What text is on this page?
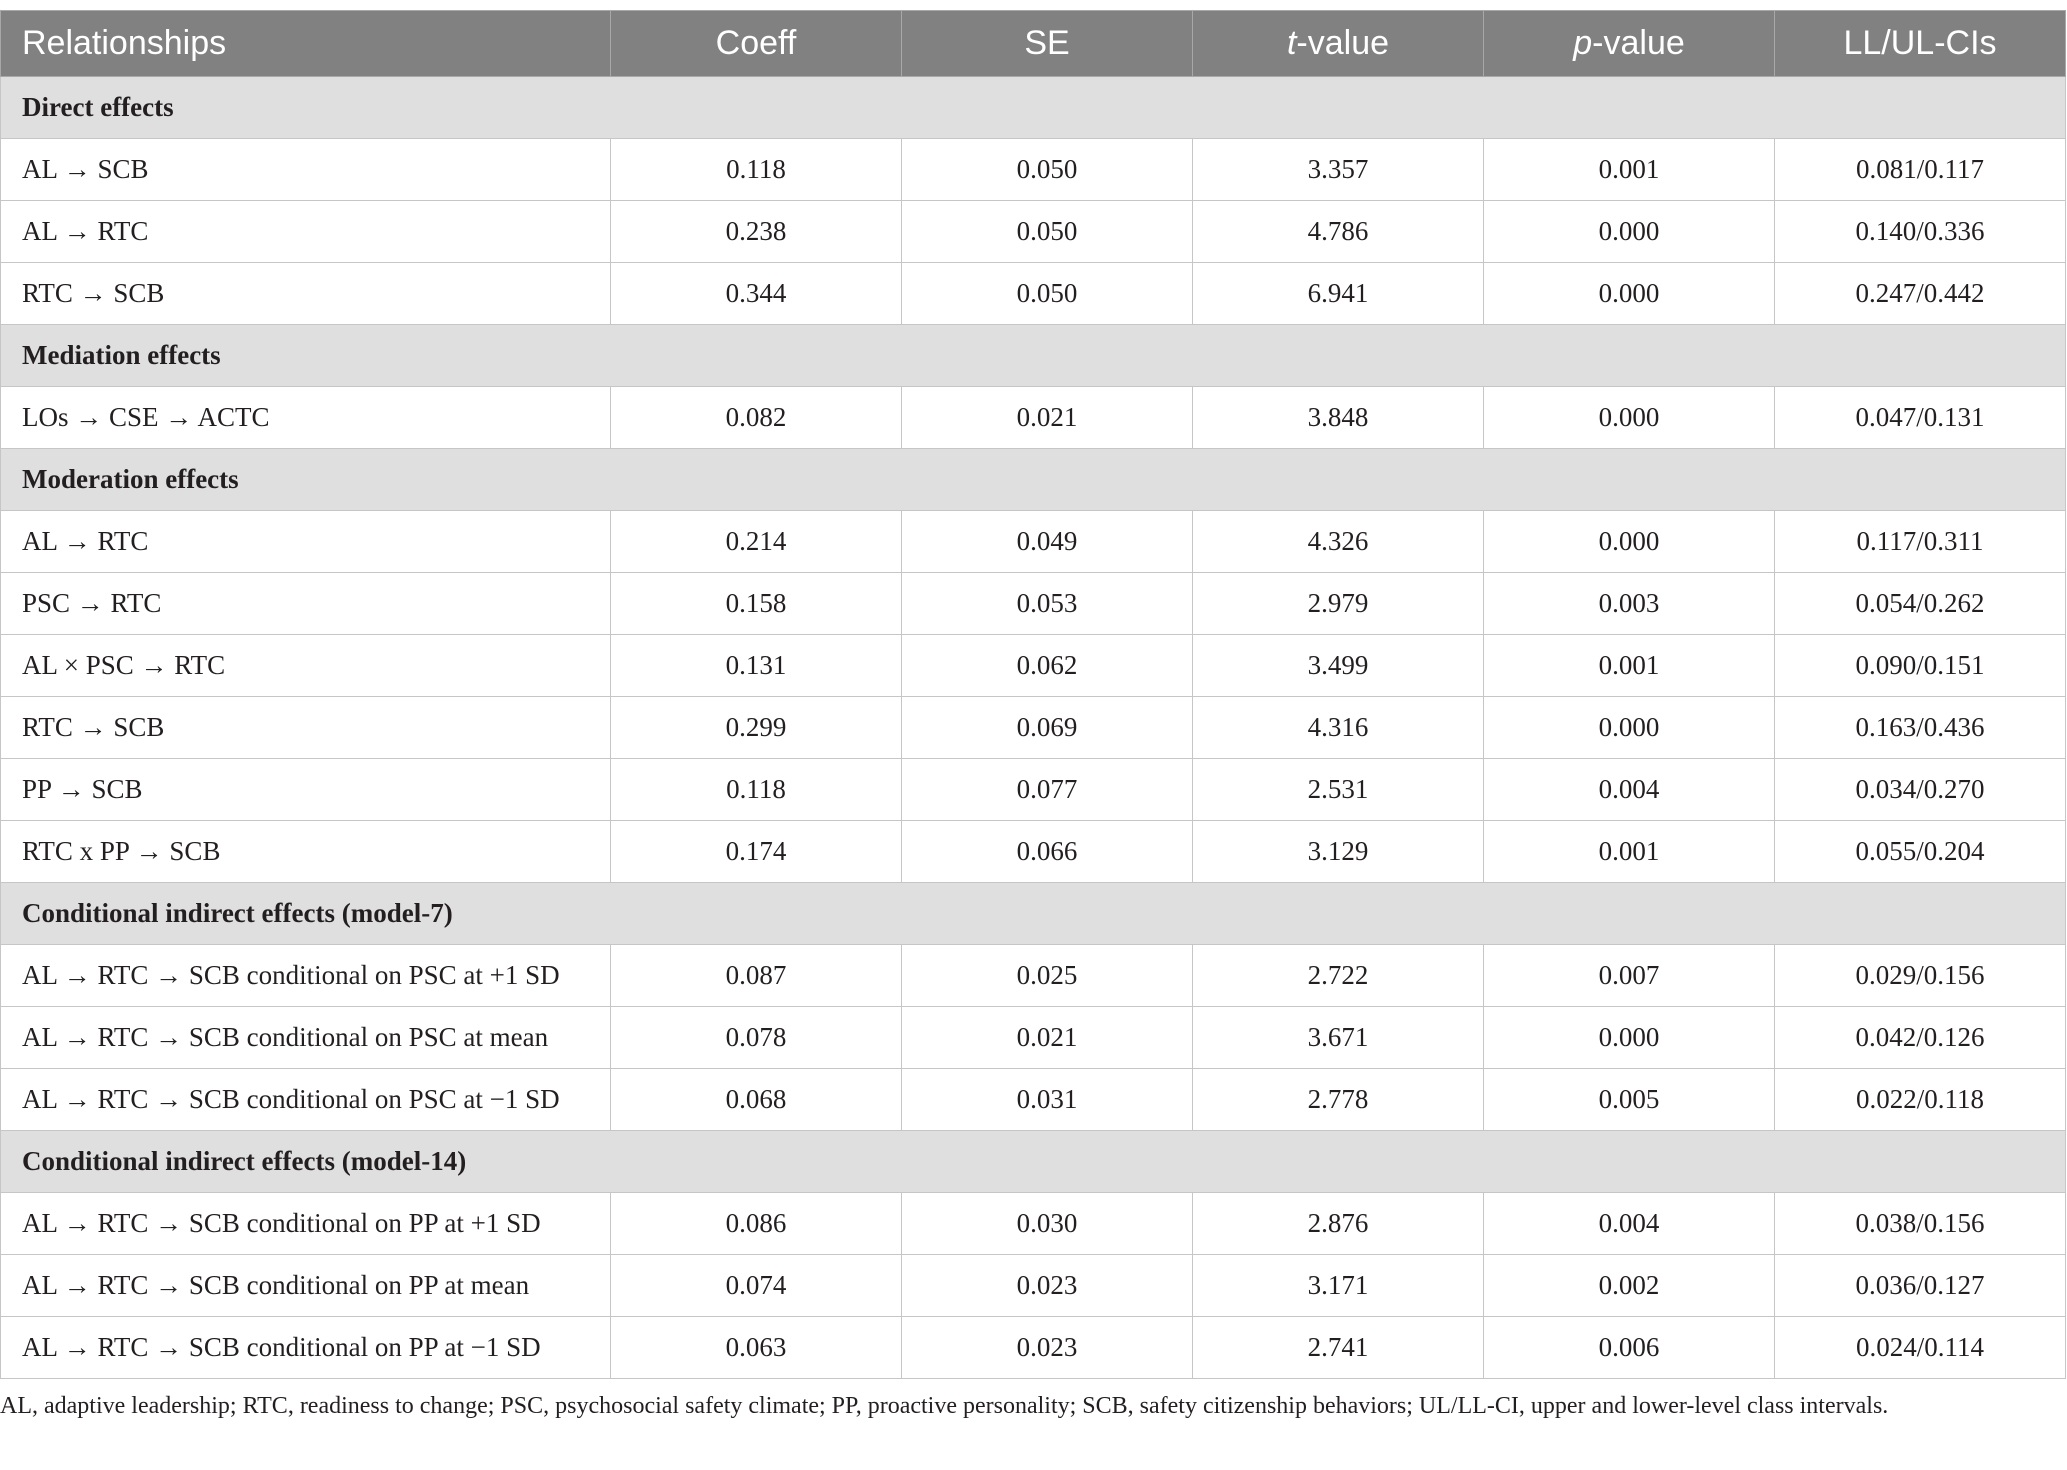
Relationships	Coeff	SE	t-value	p-value	LL/UL-CIs
Direct effects					
AL → SCB	0.118	0.050	3.357	0.001	0.081/0.117
AL → RTC	0.238	0.050	4.786	0.000	0.140/0.336
RTC → SCB	0.344	0.050	6.941	0.000	0.247/0.442
Mediation effects					
LOs → CSE → ACTC	0.082	0.021	3.848	0.000	0.047/0.131
Moderation effects					
AL → RTC	0.214	0.049	4.326	0.000	0.117/0.311
PSC → RTC	0.158	0.053	2.979	0.003	0.054/0.262
AL × PSC → RTC	0.131	0.062	3.499	0.001	0.090/0.151
RTC → SCB	0.299	0.069	4.316	0.000	0.163/0.436
PP → SCB	0.118	0.077	2.531	0.004	0.034/0.270
RTC x PP → SCB	0.174	0.066	3.129	0.001	0.055/0.204
Conditional indirect effects (model-7)					
AL → RTC → SCB conditional on PSC at +1 SD	0.087	0.025	2.722	0.007	0.029/0.156
AL → RTC → SCB conditional on PSC at mean	0.078	0.021	3.671	0.000	0.042/0.126
AL → RTC → SCB conditional on PSC at −1 SD	0.068	0.031	2.778	0.005	0.022/0.118
Conditional indirect effects (model-14)					
AL → RTC → SCB conditional on PP at +1 SD	0.086	0.030	2.876	0.004	0.038/0.156
AL → RTC → SCB conditional on PP at mean	0.074	0.023	3.171	0.002	0.036/0.127
AL → RTC → SCB conditional on PP at −1 SD	0.063	0.023	2.741	0.006	0.024/0.114
AL, adaptive leadership; RTC, readiness to change; PSC, psychosocial safety climate; PP, proactive personality; SCB, safety citizenship behaviors; UL/LL-CI, upper and lower-level class intervals.
